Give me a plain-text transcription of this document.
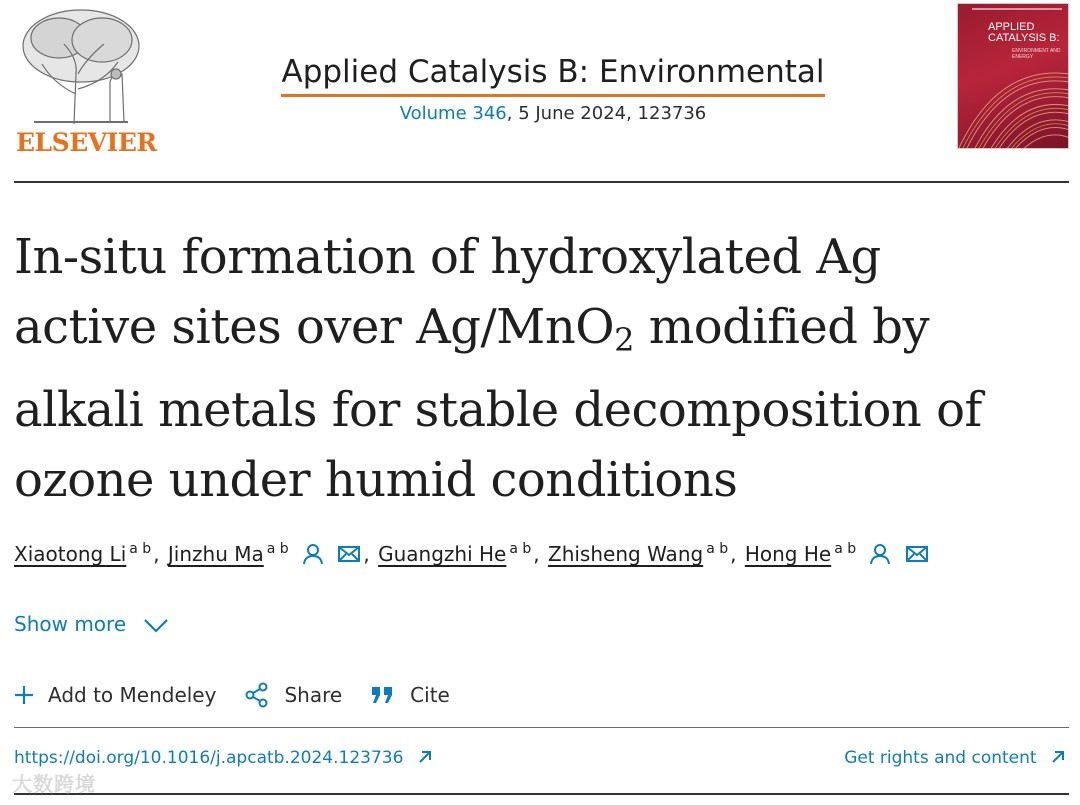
ELSEVIER
Applied Catalysis B: Environmental
Volume 346, 5 June 2024, 123736
APPLIED CATALYSIS B:
ENVIRONMENT AND ENERGY
In-situ formation of hydroxylated Ag
active sites over Ag/MnO$_2$ modified by
alkali metals for stable decomposition of
ozone under humid conditions
Xiaotong Li $^{a b}$ , Jinzhu Ma $^{a b}$	, Guangzhi He $^{a b}$ , Zhisheng Wang $^{a b}$ , Hong He $^{a b}$
Show more
Add to Mendeley	Share	Cite
https://doi.org/10.1016/j.apcatb.2024.123736	Get rights and content
大数跨境
